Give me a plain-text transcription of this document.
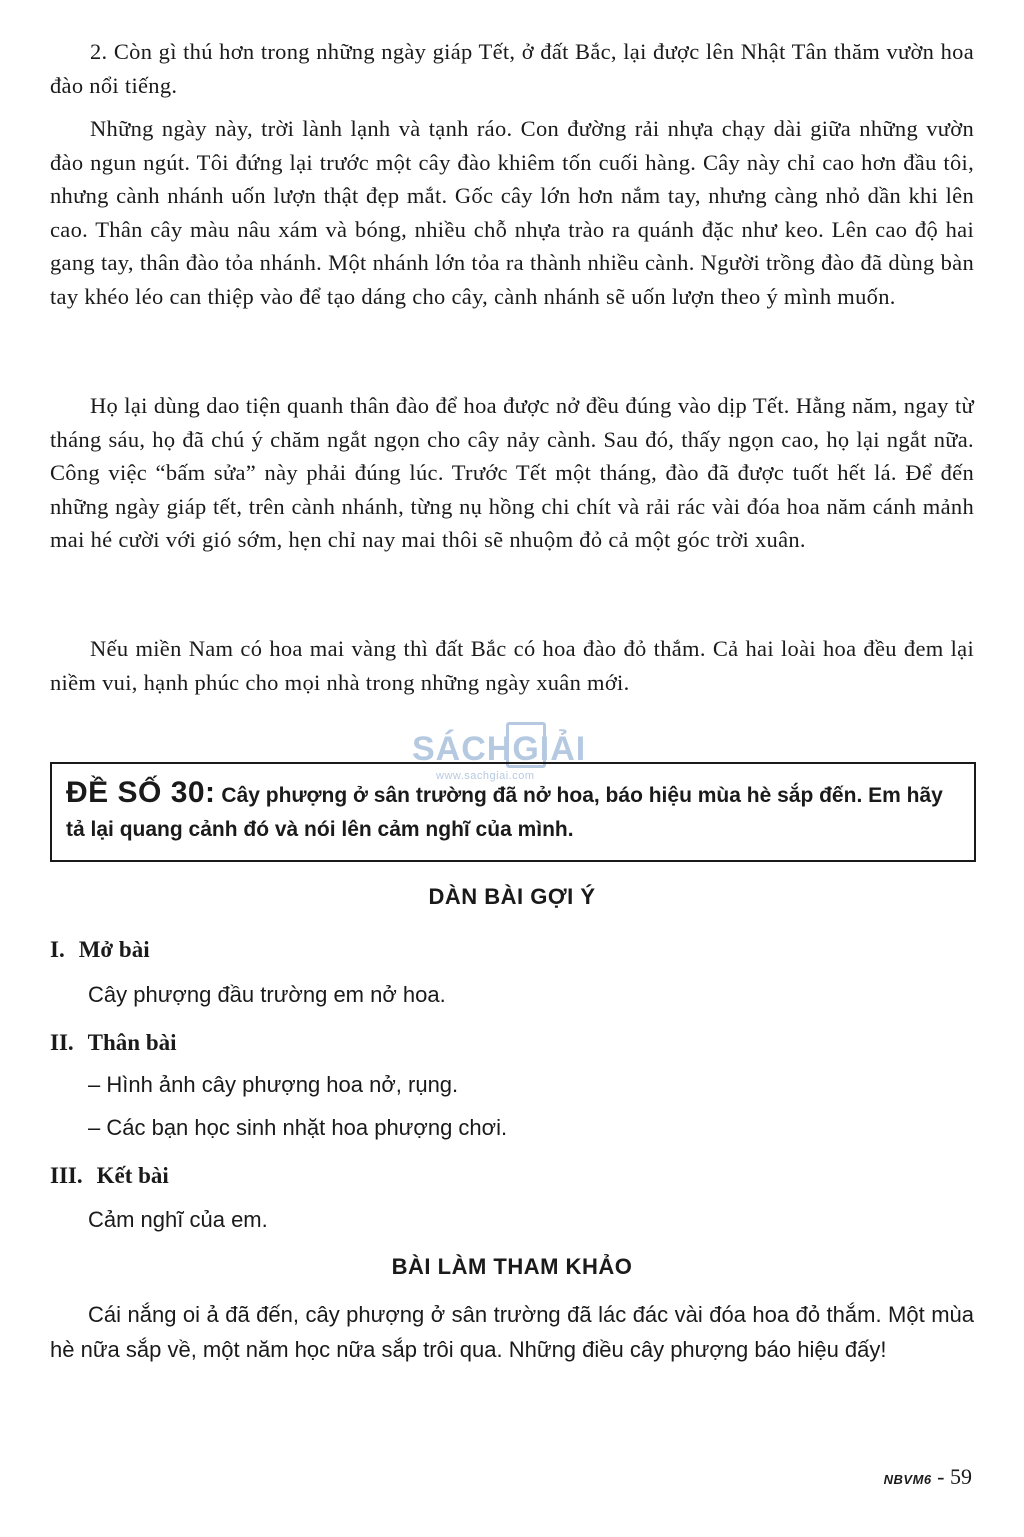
2. Còn gì thú hơn trong những ngày giáp Tết, ở đất Bắc, lại được lên Nhật Tân thăm vườn hoa đào nổi tiếng.

Những ngày này, trời lành lạnh và tạnh ráo. Con đường rải nhựa chạy dài giữa những vườn đào ngun ngút. Tôi đứng lại trước một cây đào khiêm tốn cuối hàng. Cây này chỉ cao hơn đầu tôi, nhưng cành nhánh uốn lượn thật đẹp mắt. Gốc cây lớn hơn nắm tay, nhưng càng nhỏ dần khi lên cao. Thân cây màu nâu xám và bóng, nhiều chỗ nhựa trào ra quánh đặc như keo. Lên cao độ hai gang tay, thân đào tỏa nhánh. Một nhánh lớn tỏa ra thành nhiều cành. Người trồng đào đã dùng bàn tay khéo léo can thiệp vào để tạo dáng cho cây, cành nhánh sẽ uốn lượn theo ý mình muốn.

Họ lại dùng dao tiện quanh thân đào để hoa được nở đều đúng vào dịp Tết. Hằng năm, ngay từ tháng sáu, họ đã chú ý chăm ngắt ngọn cho cây nảy cành. Sau đó, thấy ngọn cao, họ lại ngắt nữa. Công việc “bấm sửa” này phải đúng lúc. Trước Tết một tháng, đào đã được tuốt hết lá. Để đến những ngày giáp tết, trên cành nhánh, từng nụ hồng chi chít và rải rác vài đóa hoa năm cánh mảnh mai hé cười với gió sớm, hẹn chỉ nay mai thôi sẽ nhuộm đỏ cả một góc trời xuân.

Nếu miền Nam có hoa mai vàng thì đất Bắc có hoa đào đỏ thắm. Cả hai loài hoa đều đem lại niềm vui, hạnh phúc cho mọi nhà trong những ngày xuân mới.

SÁCHGIẢI
www.sachgiai.com
ĐỀ SỐ 30: Cây phượng ở sân trường đã nở hoa, báo hiệu mùa hè sắp đến. Em hãy tả lại quang cảnh đó và nói lên cảm nghĩ của mình.
DÀN BÀI GỢI Ý
I. Mở bài
Cây phượng đầu trường em nở hoa.
II. Thân bài
– Hình ảnh cây phượng hoa nở, rụng.
– Các bạn học sinh nhặt hoa phượng chơi.
III. Kết bài
Cảm nghĩ của em.
BÀI LÀM THAM KHẢO

Cái nắng oi ả đã đến, cây phượng ở sân trường đã lác đác vài đóa hoa đỏ thắm. Một mùa hè nữa sắp về, một năm học nữa sắp trôi qua. Những điều cây phượng báo hiệu đấy!

NBVM6 - 59
